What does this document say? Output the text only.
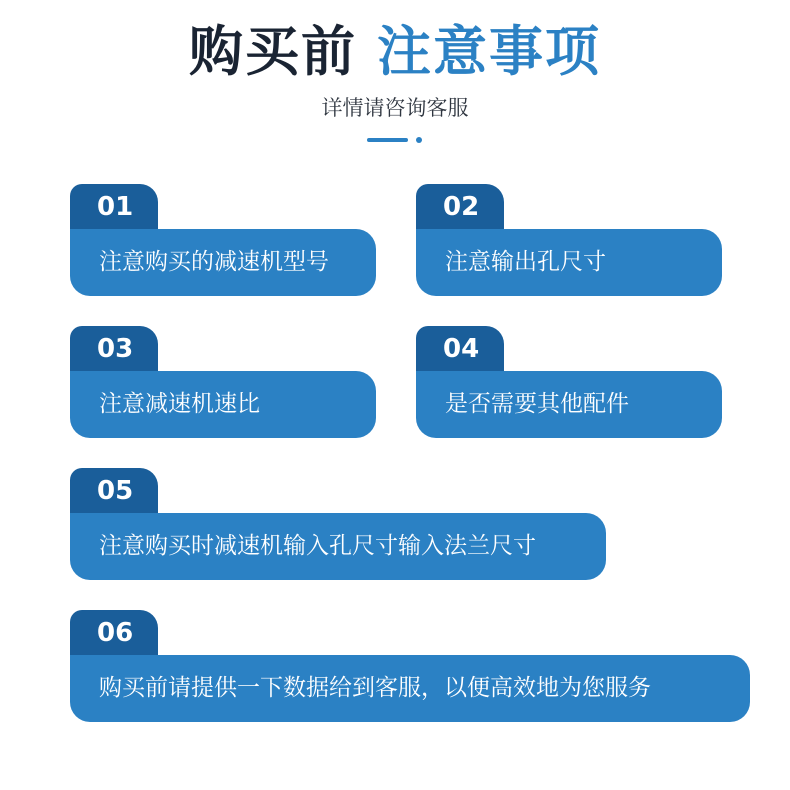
购买前 注意事项
详情请咨询客服
01
注意购买的减速机型号
02
注意输出孔尺寸
03
注意减速机速比
04
是否需要其他配件
05
注意购买时减速机输入孔尺寸输入法兰尺寸
06
购买前请提供一下数据给到客服，以便高效地为您服务
